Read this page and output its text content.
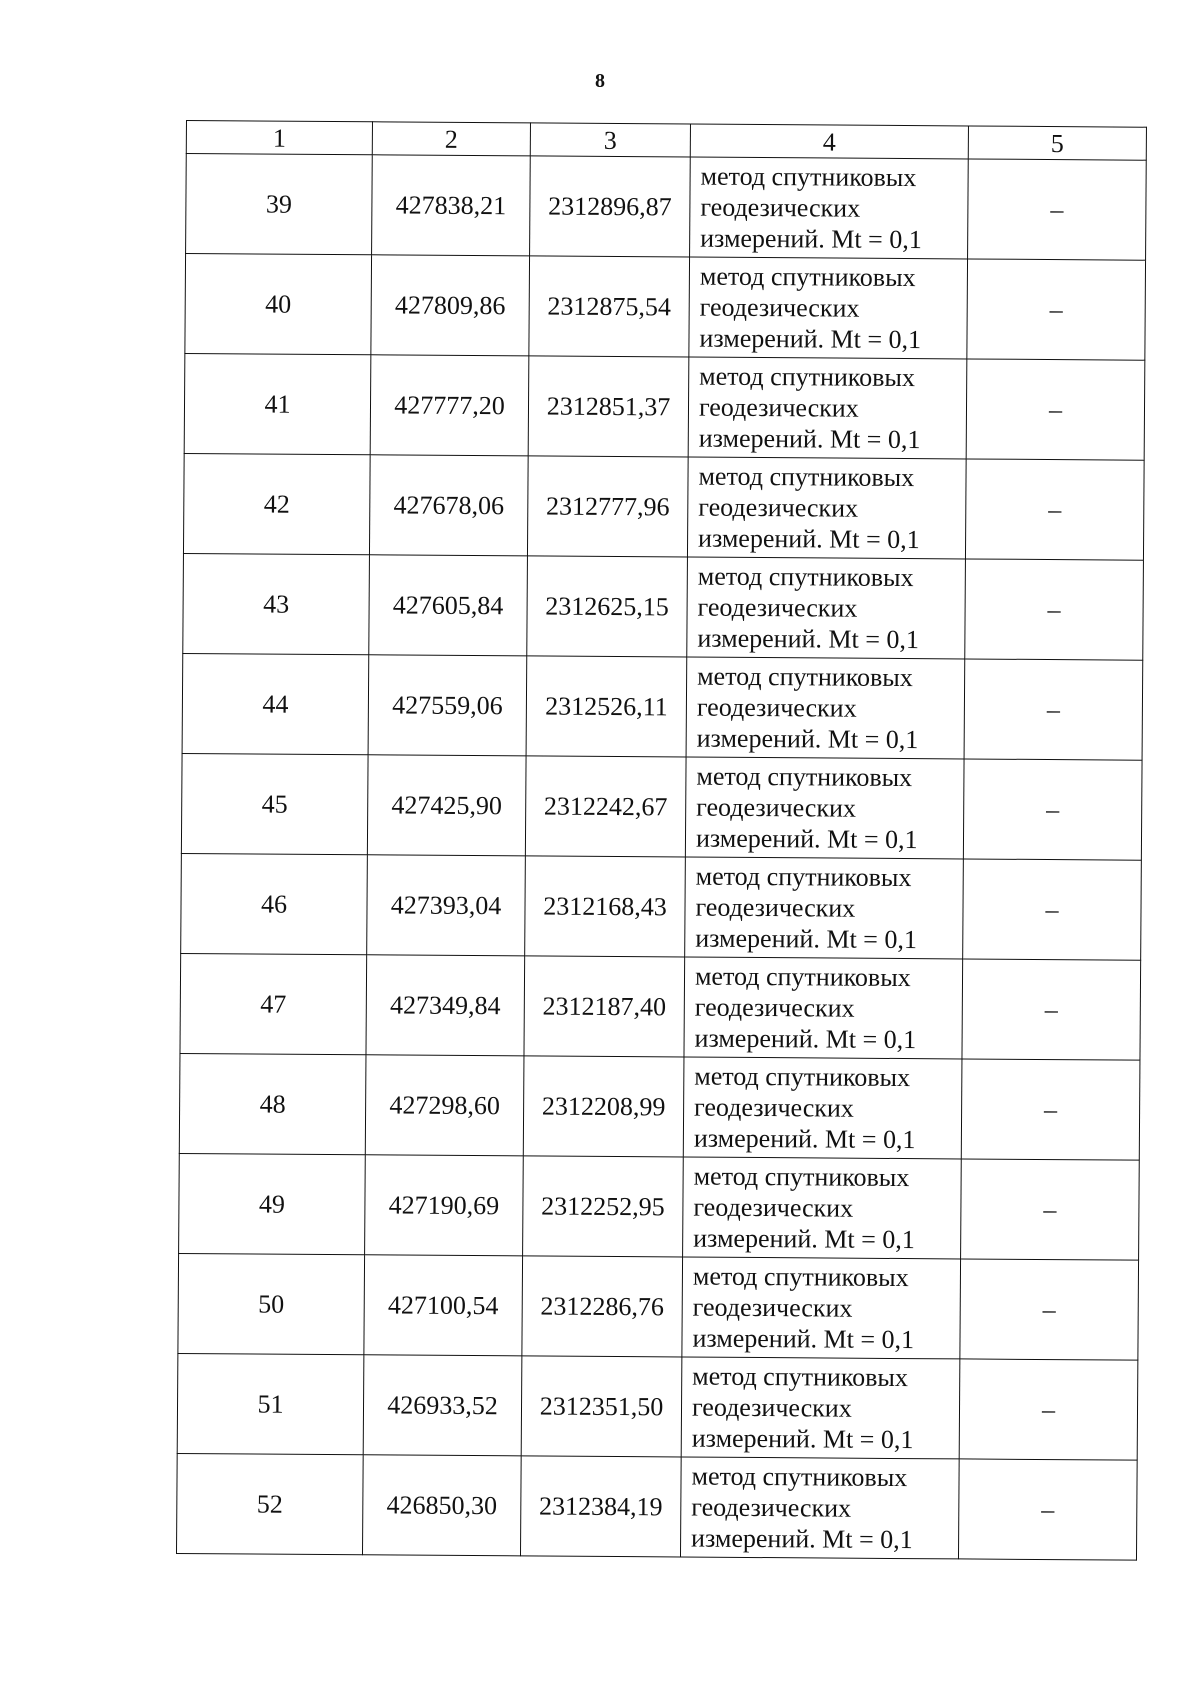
8
1	2	3	4	5
39	427838,21	2312896,87	метод спутниковых
геодезических
измерений. Mt = 0,1	–
40	427809,86	2312875,54	метод спутниковых
геодезических
измерений. Mt = 0,1	–
41	427777,20	2312851,37	метод спутниковых
геодезических
измерений. Mt = 0,1	–
42	427678,06	2312777,96	метод спутниковых
геодезических
измерений. Mt = 0,1	–
43	427605,84	2312625,15	метод спутниковых
геодезических
измерений. Mt = 0,1	–
44	427559,06	2312526,11	метод спутниковых
геодезических
измерений. Mt = 0,1	–
45	427425,90	2312242,67	метод спутниковых
геодезических
измерений. Mt = 0,1	–
46	427393,04	2312168,43	метод спутниковых
геодезических
измерений. Mt = 0,1	–
47	427349,84	2312187,40	метод спутниковых
геодезических
измерений. Mt = 0,1	–
48	427298,60	2312208,99	метод спутниковых
геодезических
измерений. Mt = 0,1	–
49	427190,69	2312252,95	метод спутниковых
геодезических
измерений. Mt = 0,1	–
50	427100,54	2312286,76	метод спутниковых
геодезических
измерений. Mt = 0,1	–
51	426933,52	2312351,50	метод спутниковых
геодезических
измерений. Mt = 0,1	–
52	426850,30	2312384,19	метод спутниковых
геодезических
измерений. Mt = 0,1	–
